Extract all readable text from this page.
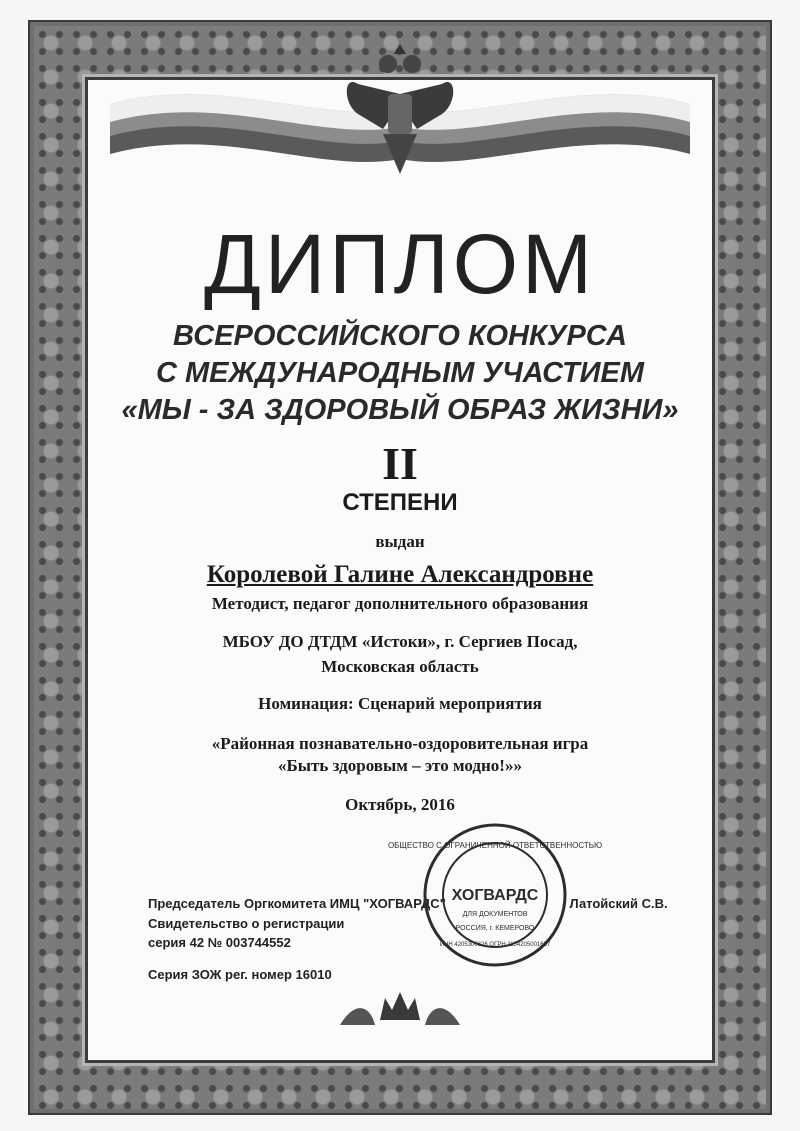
ДИПЛОМ
ВСЕРОССИЙСКОГО КОНКУРСА
С МЕЖДУНАРОДНЫМ УЧАСТИЕМ
«МЫ - ЗА ЗДОРОВЫЙ ОБРАЗ ЖИЗНИ»
II
СТЕПЕНИ
выдан
Королевой Галине Александровне
Методист, педагог дополнительного образования
МБОУ ДО ДТДМ «Истоки», г. Сергиев Посад,
Московская область
Номинация: Сценарий мероприятия
«Районная познавательно-оздоровительная игра
«Быть здоровым – это модно!»»
Октябрь, 2016
Председатель Оргкомитета ИМЦ "ХОГВАРДС"	Латойский С.В.
Свидетельство о регистрации
серия 42 № 003744552
Серия ЗОЖ рег. номер 16010
ОБЩЕСТВО С ОГРАНИЧЕННОЙ ОТВЕТСТВЕННОСТЬЮ
ХОГВАРДС
ДЛЯ ДОКУМЕНТОВ
РОССИЯ, г. КЕМЕРОВО
ИНН 4205300626 ОГРН 1154205001697
